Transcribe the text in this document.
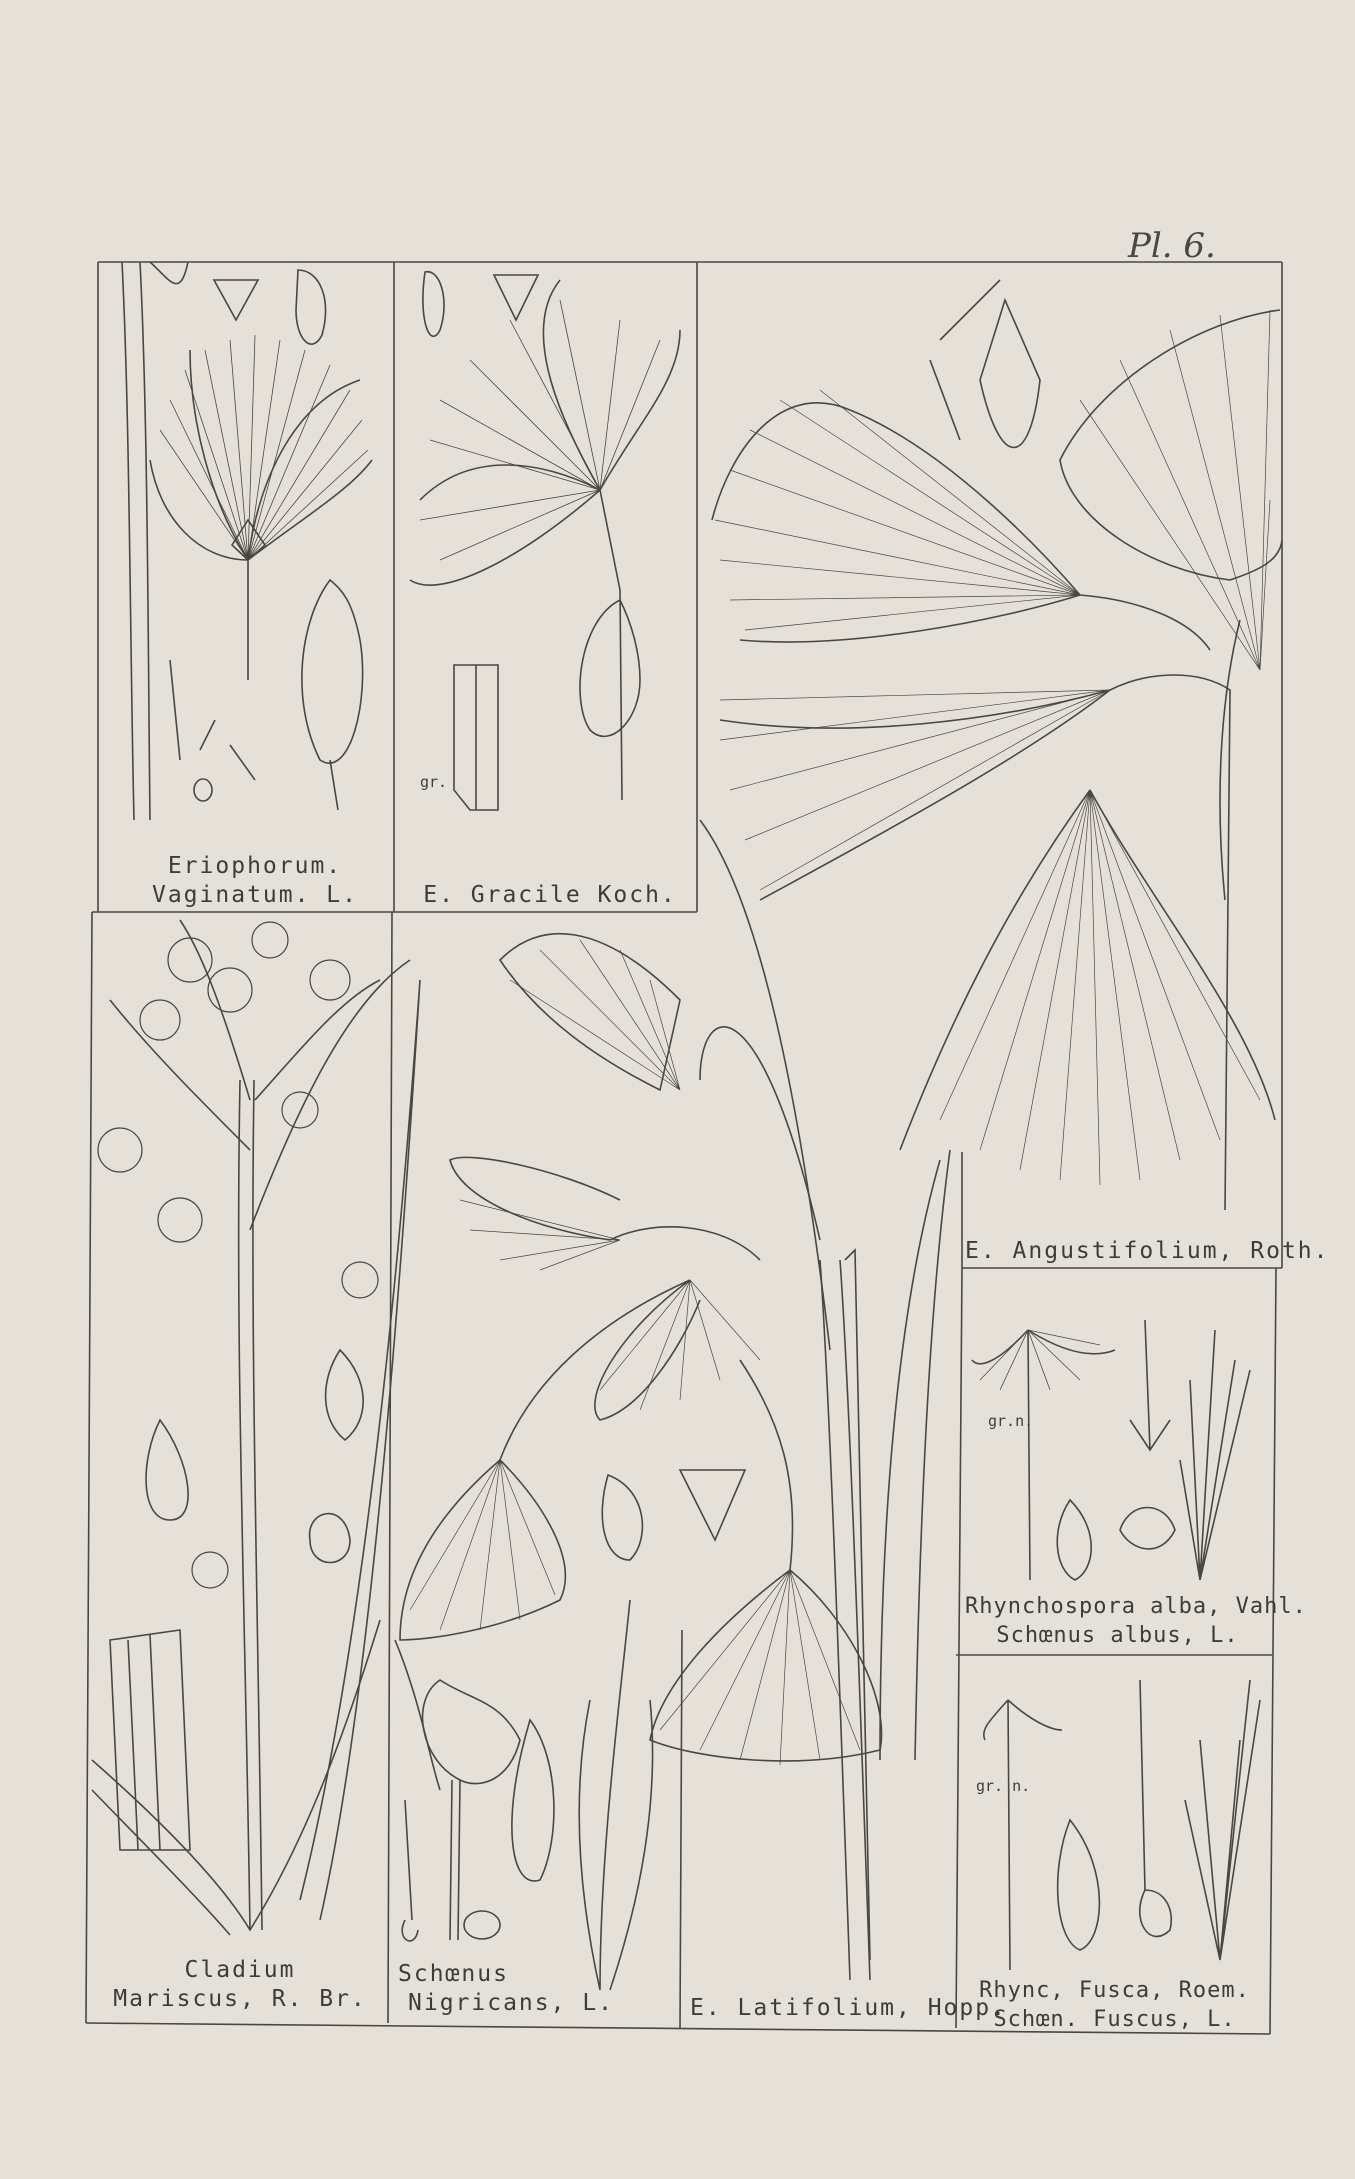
Pl. 6.
Eriophorum.
Vaginatum. L.	E. Gracile Koch.
E. Angustifolium, Roth.
Cladium
Mariscus, R. Br.
Schœnus
Nigricans, L.	E. Latifolium, Hopp.
Rhynchospora alba, Vahl.
Schœnus albus, L.
Rhync, Fusca, Roem.
Schœn. Fuscus, L.
gr.
gr.n.
gr. n.
